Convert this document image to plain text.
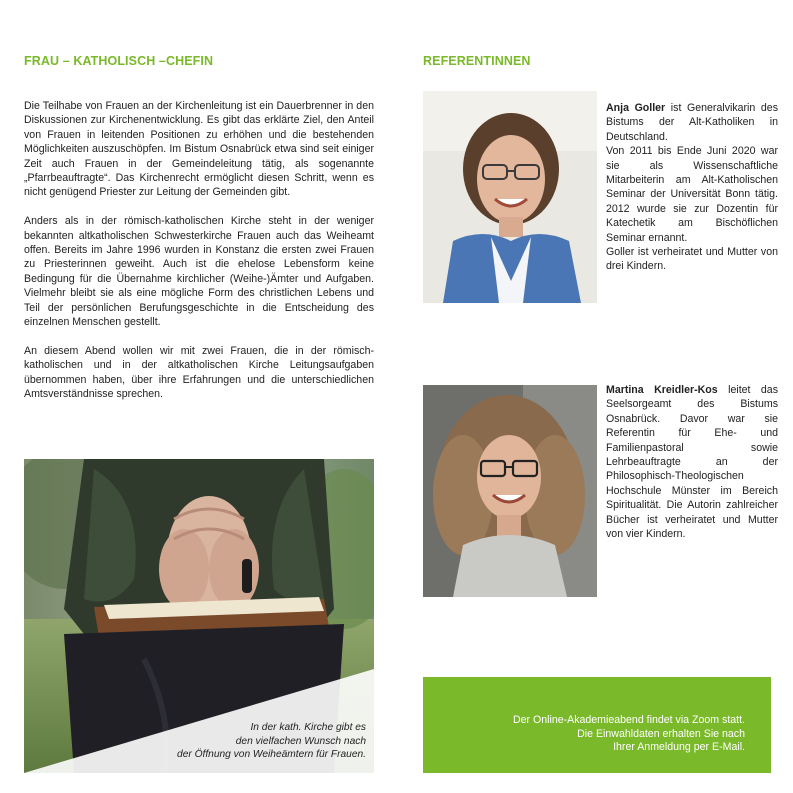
FRAU – KATHOLISCH –CHEFIN

Die Teilhabe von Frauen an der Kirchenleitung ist ein Dauerbrenner in den Diskussionen zur Kirchenentwicklung. Es gibt das erklärte Ziel, den Anteil von Frauen in leitenden Positionen zu erhöhen und die bestehenden Möglichkeiten auszuschöpfen. Im Bistum Osnabrück etwa sind seit einiger Zeit auch Frauen in der Gemeindeleitung tätig, als sogenannte „Pfarrbeauftragte“. Das Kirchenrecht ermöglicht diesen Schritt, wenn es nicht genügend Priester zur Leitung der Gemeinden gibt.

Anders als in der römisch-katholischen Kirche steht in der weniger bekannten altkatholischen Schwesterkirche Frauen auch das Weiheamt offen. Bereits im Jahre 1996 wurden in Konstanz die ersten zwei Frauen zu Priesterinnen geweiht. Auch ist die ehelose Lebensform keine Bedingung für die Übernahme kirchlicher (Weihe-)Ämter und Aufgaben. Vielmehr bleibt sie als eine mögliche Form des christlichen Lebens und Teil der persönlichen Berufungsgeschichte in die Entscheidung des einzelnen Menschen gestellt.

An diesem Abend wollen wir mit zwei Frauen, die in der römisch-katholischen und in der altkatholischen Kirche Leitungsaufgaben übernommen haben, über ihre Erfahrungen und die unterschiedlichen Amtsverständnisse sprechen.

In der kath. Kirche gibt es
den vielfachen Wunsch nach
der Öffnung von Weiheämtern für Frauen.
REFERENTINNEN

Anja Goller ist Generalvikarin des Bistums der Alt-Katholiken in Deutschland.

Von 2011 bis Ende Juni 2020 war sie als Wissenschaftliche Mitarbeiterin am Alt-Katholischen Seminar der Universität Bonn tätig. 2012 wurde sie zur Dozentin für Katechetik am Bischöflichen Seminar ernannt.

Goller ist verheiratet und Mutter von drei Kindern.

Martina Kreidler-Kos leitet das Seelsorgeamt des Bistums Osnabrück. Davor war sie Referentin für Ehe- und Familienpastoral sowie Lehrbeauftragte an der Philosophisch-Theologischen Hochschule Münster im Bereich Spiritualität. Die Autorin zahlreicher Bücher ist verheiratet und Mutter von vier Kindern.

Der Online-Akademieabend findet via Zoom statt.
Die Einwahldaten erhalten Sie nach
Ihrer Anmeldung per E-Mail.
